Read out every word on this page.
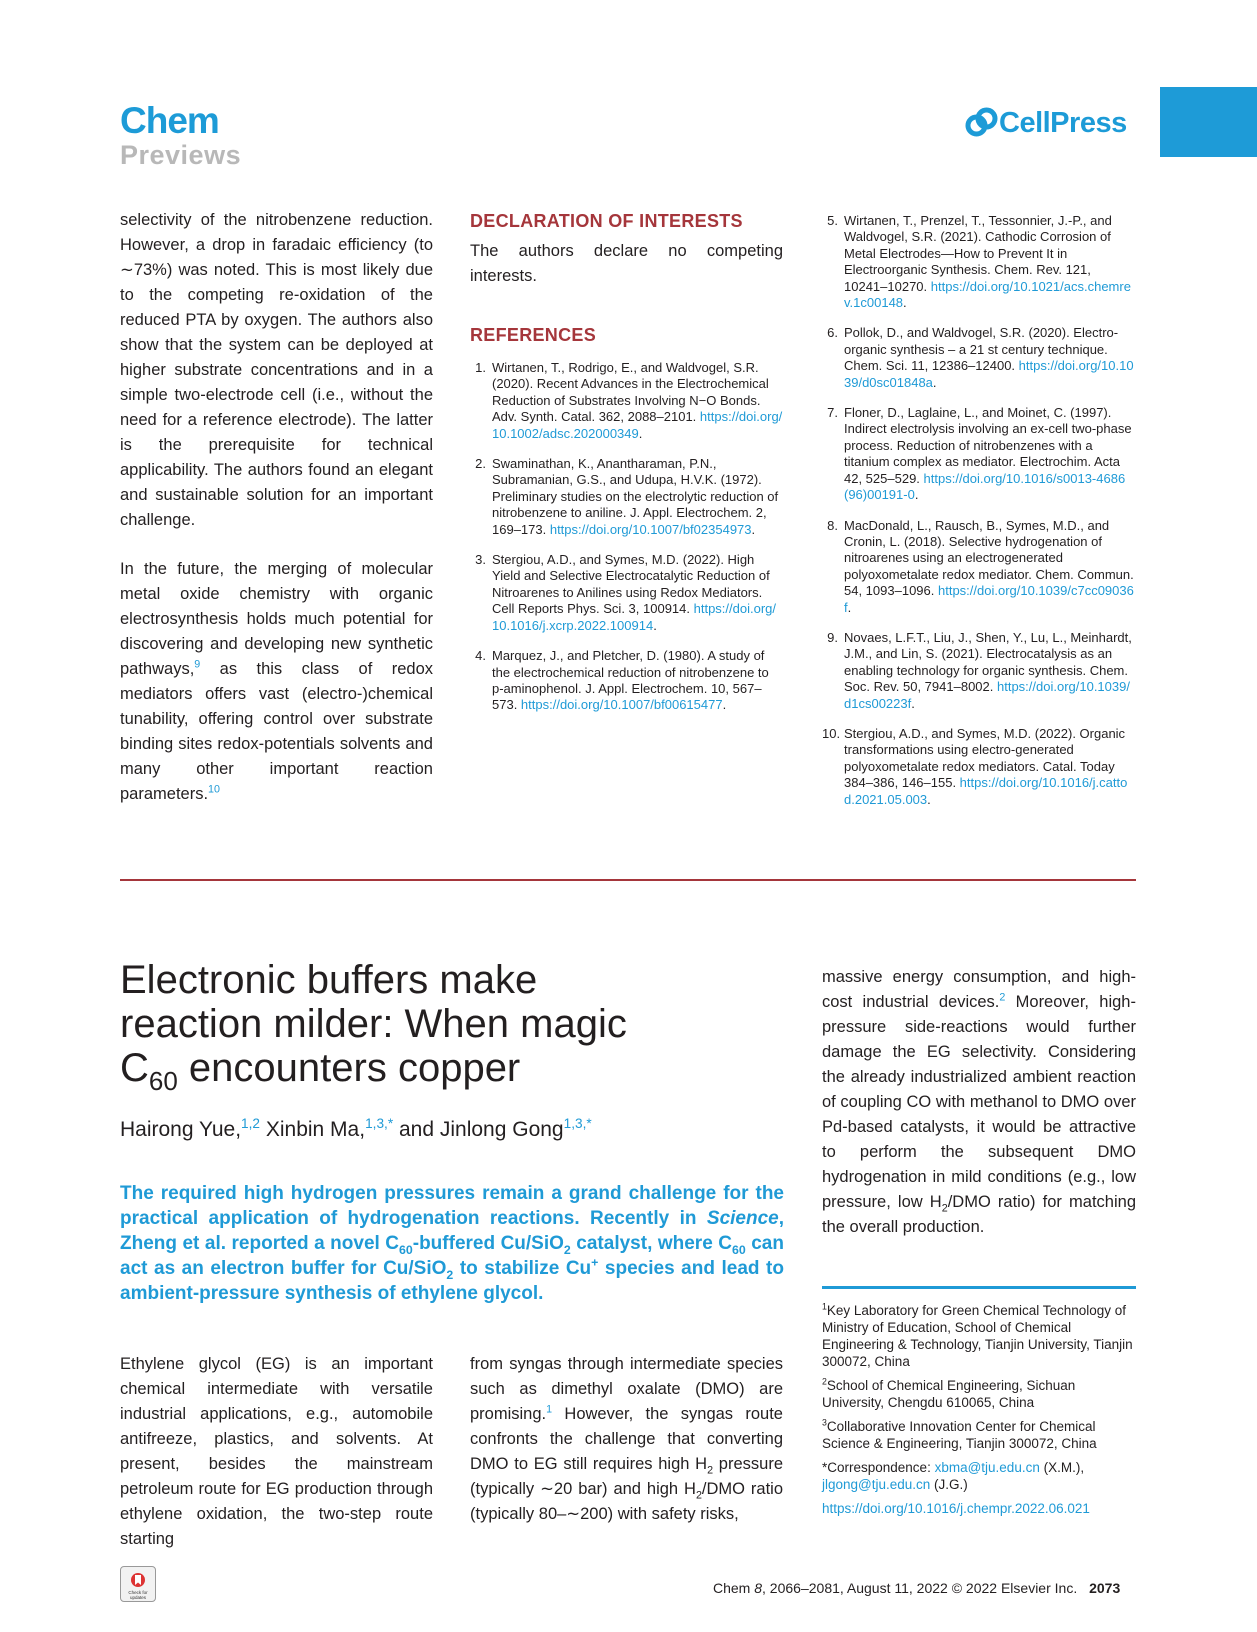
Chem
Previews
CellPress

selectivity of the nitrobenzene reduction. However, a drop in faradaic efficiency (to ∼73%) was noted. This is most likely due to the competing re-oxidation of the reduced PTA by oxygen. The authors also show that the system can be deployed at higher substrate concentrations and in a simple two-electrode cell (i.e., without the need for a reference electrode). The latter is the prerequisite for technical applicability. The authors found an elegant and sustainable solution for an important challenge.

In the future, the merging of molecular metal oxide chemistry with organic electrosynthesis holds much potential for discovering and developing new synthetic pathways,$^9$ as this class of redox mediators offers vast (electro-)chemical tunability, offering control over substrate binding sites redox-potentials solvents and many other important reaction parameters.$^{10}$

DECLARATION OF INTERESTS
The authors declare no competing interests.
REFERENCES
1. Wirtanen, T., Rodrigo, E., and Waldvogel, S.R. (2020). Recent Advances in the Electrochemical Reduction of Substrates Involving N−O Bonds. Adv. Synth. Catal. 362, 2088–2101. https://doi.org/10.1002/adsc.202000349.
2. Swaminathan, K., Anantharaman, P.N., Subramanian, G.S., and Udupa, H.V.K. (1972). Preliminary studies on the electrolytic reduction of nitrobenzene to aniline. J. Appl. Electrochem. 2, 169–173. https://doi.org/10.1007/bf02354973.
3. Stergiou, A.D., and Symes, M.D. (2022). High Yield and Selective Electrocatalytic Reduction of Nitroarenes to Anilines using Redox Mediators. Cell Reports Phys. Sci. 3, 100914. https://doi.org/10.1016/j.xcrp.2022.100914.
4. Marquez, J., and Pletcher, D. (1980). A study of the electrochemical reduction of nitrobenzene to p-aminophenol. J. Appl. Electrochem. 10, 567–573. https://doi.org/10.1007/bf00615477.
5. Wirtanen, T., Prenzel, T., Tessonnier, J.-P., and Waldvogel, S.R. (2021). Cathodic Corrosion of Metal Electrodes—How to Prevent It in Electroorganic Synthesis. Chem. Rev. 121, 10241–10270. https://doi.org/10.1021/acs.chemrev.1c00148.
6. Pollok, D., and Waldvogel, S.R. (2020). Electro-organic synthesis – a 21 st century technique. Chem. Sci. 11, 12386–12400. https://doi.org/10.1039/d0sc01848a.
7. Floner, D., Laglaine, L., and Moinet, C. (1997). Indirect electrolysis involving an ex-cell two-phase process. Reduction of nitrobenzenes with a titanium complex as mediator. Electrochim. Acta 42, 525–529. https://doi.org/10.1016/s0013-4686(96)00191-0.
8. MacDonald, L., Rausch, B., Symes, M.D., and Cronin, L. (2018). Selective hydrogenation of nitroarenes using an electrogenerated polyoxometalate redox mediator. Chem. Commun. 54, 1093–1096. https://doi.org/10.1039/c7cc09036f.
9. Novaes, L.F.T., Liu, J., Shen, Y., Lu, L., Meinhardt, J.M., and Lin, S. (2021). Electrocatalysis as an enabling technology for organic synthesis. Chem. Soc. Rev. 50, 7941–8002. https://doi.org/10.1039/d1cs00223f.
10. Stergiou, A.D., and Symes, M.D. (2022). Organic transformations using electro-generated polyoxometalate redox mediators. Catal. Today 384–386, 146–155. https://doi.org/10.1016/j.cattod.2021.05.003.
Electronic buffers make
reaction milder: When magic
$C_{60}$ encounters copper
Hairong Yue,$^{1,2}$ Xinbin Ma,$^{1,3,*}$ and Jinlong Gong$^{1,3,*}$
The required high hydrogen pressures remain a grand challenge for the practical application of hydrogenation reactions. Recently in Science, Zheng et al. reported a novel $C_{60}$-buffered Cu/SiO$_2$ catalyst, where $C_{60}$ can act as an electron buffer for Cu/SiO$_2$ to stabilize Cu+ species and lead to ambient-pressure synthesis of ethylene glycol.
Ethylene glycol (EG) is an important chemical intermediate with versatile industrial applications, e.g., automobile antifreeze, plastics, and solvents. At present, besides the mainstream petroleum route for EG production through ethylene oxidation, the two-step route starting
from syngas through intermediate species such as dimethyl oxalate (DMO) are promising.$^1$ However, the syngas route confronts the challenge that converting DMO to EG still requires high $H_2$ pressure (typically ∼20 bar) and high $H_2$/DMO ratio (typically 80–∼200) with safety risks,
massive energy consumption, and high-cost industrial devices.$^2$ Moreover, high-pressure side-reactions would further damage the EG selectivity. Considering the already industrialized ambient reaction of coupling CO with methanol to DMO over Pd-based catalysts, it would be attractive to perform the subsequent DMO hydrogenation in mild conditions (e.g., low pressure, low $H_2$/DMO ratio) for matching the overall production.
$^1$Key Laboratory for Green Chemical Technology of Ministry of Education, School of Chemical Engineering & Technology, Tianjin University, Tianjin 300072, China
$^2$School of Chemical Engineering, Sichuan University, Chengdu 610065, China
$^3$Collaborative Innovation Center for Chemical Science & Engineering, Tianjin 300072, China
*Correspondence: xbma@tju.edu.cn (X.M.),
jlgong@tju.edu.cn (J.G.)
https://doi.org/10.1016/j.chempr.2022.06.021
Check for updates
Chem 8, 2066–2081, August 11, 2022 © 2022 Elsevier Inc. 2073
